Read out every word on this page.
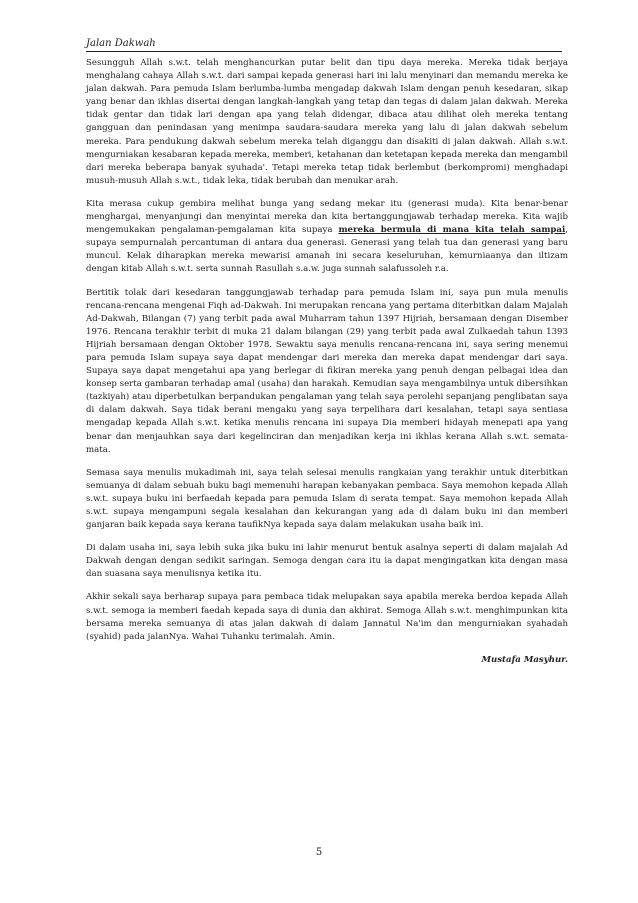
Jalan Dakwah

Sesungguh Allah s.w.t. telah menghancurkan putar belit dan tipu daya mereka. Mereka tidak berjaya menghalang cahaya Allah s.w.t. dari sampai kepada generasi hari ini lalu menyinari dan memandu mereka ke jalan dakwah. Para pemuda Islam berlumba-lumba mengadap dakwah Islam dengan penuh kesedaran, sikap yang benar dan ikhlas disertai dengan langkah-langkah yang tetap dan tegas di dalam jalan dakwah. Mereka tidak gentar dan tidak lari dengan apa yang telah didengar, dibaca atau dilihat oleh mereka tentang gangguan dan penindasan yang menimpa saudara-saudara mereka yang lalu di jalan dakwah sebelum mereka. Para pendukung dakwah sebelum mereka telah diganggu dan disakiti di jalan dakwah. Allah s.w.t. mengurniakan kesabaran kepada mereka, memberi, ketahanan dan ketetapan kepada mereka dan mengambil dari mereka beberapa banyak syuhada'. Tetapi mereka tetap tidak berlembut (berkompromi) menghadapi musuh-musuh Allah s.w.t., tidak leka, tidak berubah dan menukar arah.

Kita merasa cukup gembira melihat bunga yang sedang mekar itu (generasi muda). Kita benar-benar menghargai, menyanjungi dan menyintai mereka dan kita bertanggungjawab terhadap mereka. Kita wajib mengemukakan pengalaman-pemgalaman kita supaya mereka bermula di mana kita telah sampai, supaya sempurnalah percantuman di antara dua generasi. Generasi yang telah tua dan generasi yang baru muncul. Kelak diharapkan mereka mewarisi amanah ini secara keseluruhan, kemurniaanya dan iltizam dengan kitab Allah s.w.t. serta sunnah Rasullah s.a.w. juga sunnah salafussoleh r.a.

Bertitik tolak dari kesedaran tanggungjawab terhadap para pemuda Islam ini, saya pun mula menulis rencana-rencana mengenai Fiqh ad-Dakwah. Ini merupakan rencana yang pertama diterbitkan dalam Majalah Ad-Dakwah, Bilangan (7) yang terbit pada awal Muharram tahun 1397 Hijriah, bersamaan dengan Disember 1976. Rencana terakhir terbit di muka 21 dalam bilangan (29) yang terbit pada awal Zulkaedah tahun 1393 Hijriah bersamaan dengan Oktober 1978. Sewaktu saya menulis rencana-rencana ini, saya sering menemui para pemuda Islam supaya saya dapat mendengar dari mereka dan mereka dapat mendengar dari saya. Supaya saya dapat mengetahui apa yang berlegar di fikiran mereka yang penuh dengan pelbagai idea dan konsep serta gambaran terhadap amal (usaha) dan harakah. Kemudian saya mengambilnya untuk dibersihkan (tazkiyah) atau diperbetulkan berpandukan pengalaman yang telah saya perolehi sepanjang penglibatan saya di dalam dakwah. Saya tidak berani mengaku yang saya terpelihara dari kesalahan, tetapi saya sentiasa mengadap kepada Allah s.w.t. ketika menulis rencana ini supaya Dia memberi hidayah menepati apa yang benar dan menjauhkan saya dari kegelinciran dan menjadikan kerja ini ikhlas kerana Allah s.w.t. semata-mata.

Semasa saya menulis mukadimah ini, saya telah selesai menulis rangkaian yang terakhir untuk diterbitkan semuanya di dalam sebuah buku bagi memenuhi harapan kebanyakan pembaca. Saya memohon kepada Allah s.w.t. supaya buku ini berfaedah kepada para pemuda Islam di serata tempat. Saya memohon kepada Allah s.w.t. supaya mengampuni segala kesalahan dan kekurangan yang ada di dalam buku ini dan memberi ganjaran baik kepada saya kerana taufikNya kepada saya dalam melakukan usaha baik ini.

Di dalam usaha ini, saya lebih suka jika buku ini lahir menurut bentuk asalnya seperti di dalam majalah Ad Dakwah dengan dengan sedikit saringan. Semoga dengan cara itu ia dapat mengingatkan kita dengan masa dan suasana saya menulisnya ketika itu.

Akhir sekali saya berharap supaya para pembaca tidak melupakan saya apabila mereka berdoa kepada Allah s.w.t. semoga ia memberi faedah kepada saya di dunia dan akhirat. Semoga Allah s.w.t. menghimpunkan kita bersama mereka semuanya di atas jalan dakwah di dalam Jannatul Na'im dan mengurniakan syahadah (syahid) pada jalanNya. Wahai Tuhanku terimalah. Amin.

Mustafa Masyhur.
5
